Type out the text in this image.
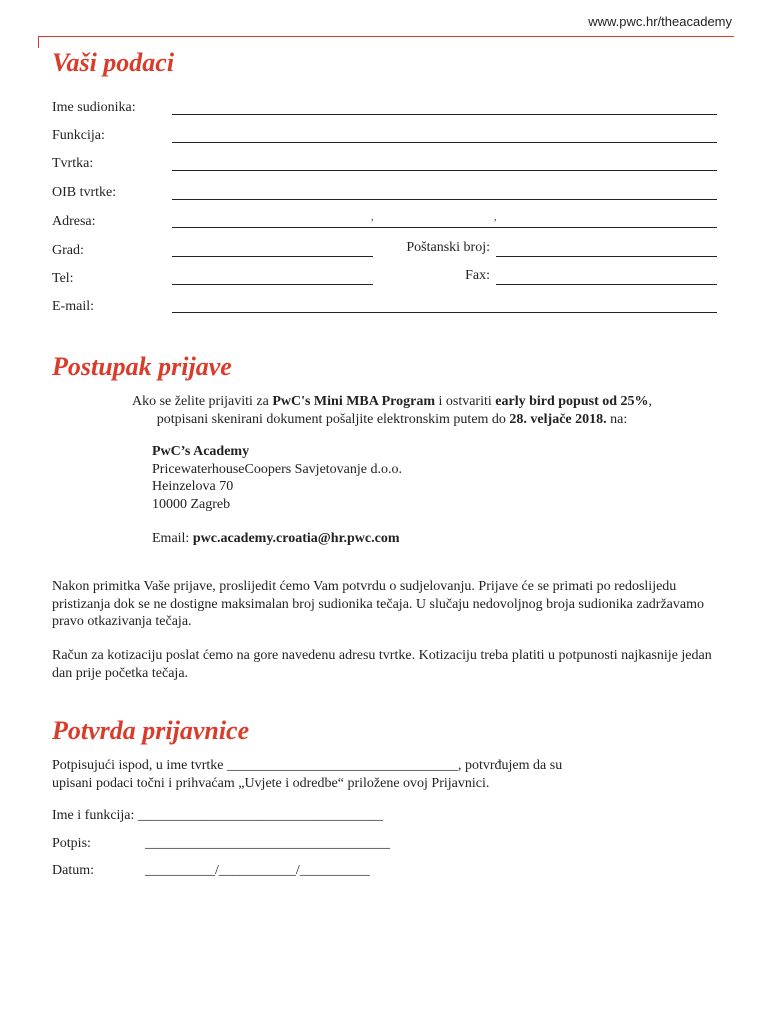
www.pwc.hr/theacademy
Vaši podaci
Ime sudionika:
Funkcija:
Tvrtka:
OIB tvrtke:
Adresa:	,	,
Grad:	Poštanski broj:
Tel:	Fax:
E-mail:
Postupak prijave
Ako se želite prijaviti za PwC's Mini MBA Program i ostvariti early bird popust od 25%,
potpisani skenirani dokument pošaljite elektronskim putem do 28. veljače 2018. na:
PwC’s Academy
PricewaterhouseCoopers Savjetovanje d.o.o.
Heinzelova 70
10000 Zagreb
Email: pwc.academy.croatia@hr.pwc.com
Nakon primitka Vaše prijave, proslijedit ćemo Vam potvrdu o sudjelovanju. Prijave će se primati po redoslijedu pristizanja dok se ne dostigne maksimalan broj sudionika tečaja. U slučaju nedovoljnog broja sudionika zadržavamo pravo otkazivanja tečaja.
Račun za kotizaciju poslat ćemo na gore navedenu adresu tvrtke. Kotizaciju treba platiti u potpunosti najkasnije jedan dan prije početka tečaja.
Potvrda prijavnice
Potpisujući ispod, u ime tvrtke _________________________________, potvrđujem da su
upisani podaci točni i prihvaćam „Uvjete i odredbe“ priložene ovoj Prijavnici.
Ime i funkcija: ___________________________________
Potpis:	___________________________________
Datum:	__________/___________/__________
